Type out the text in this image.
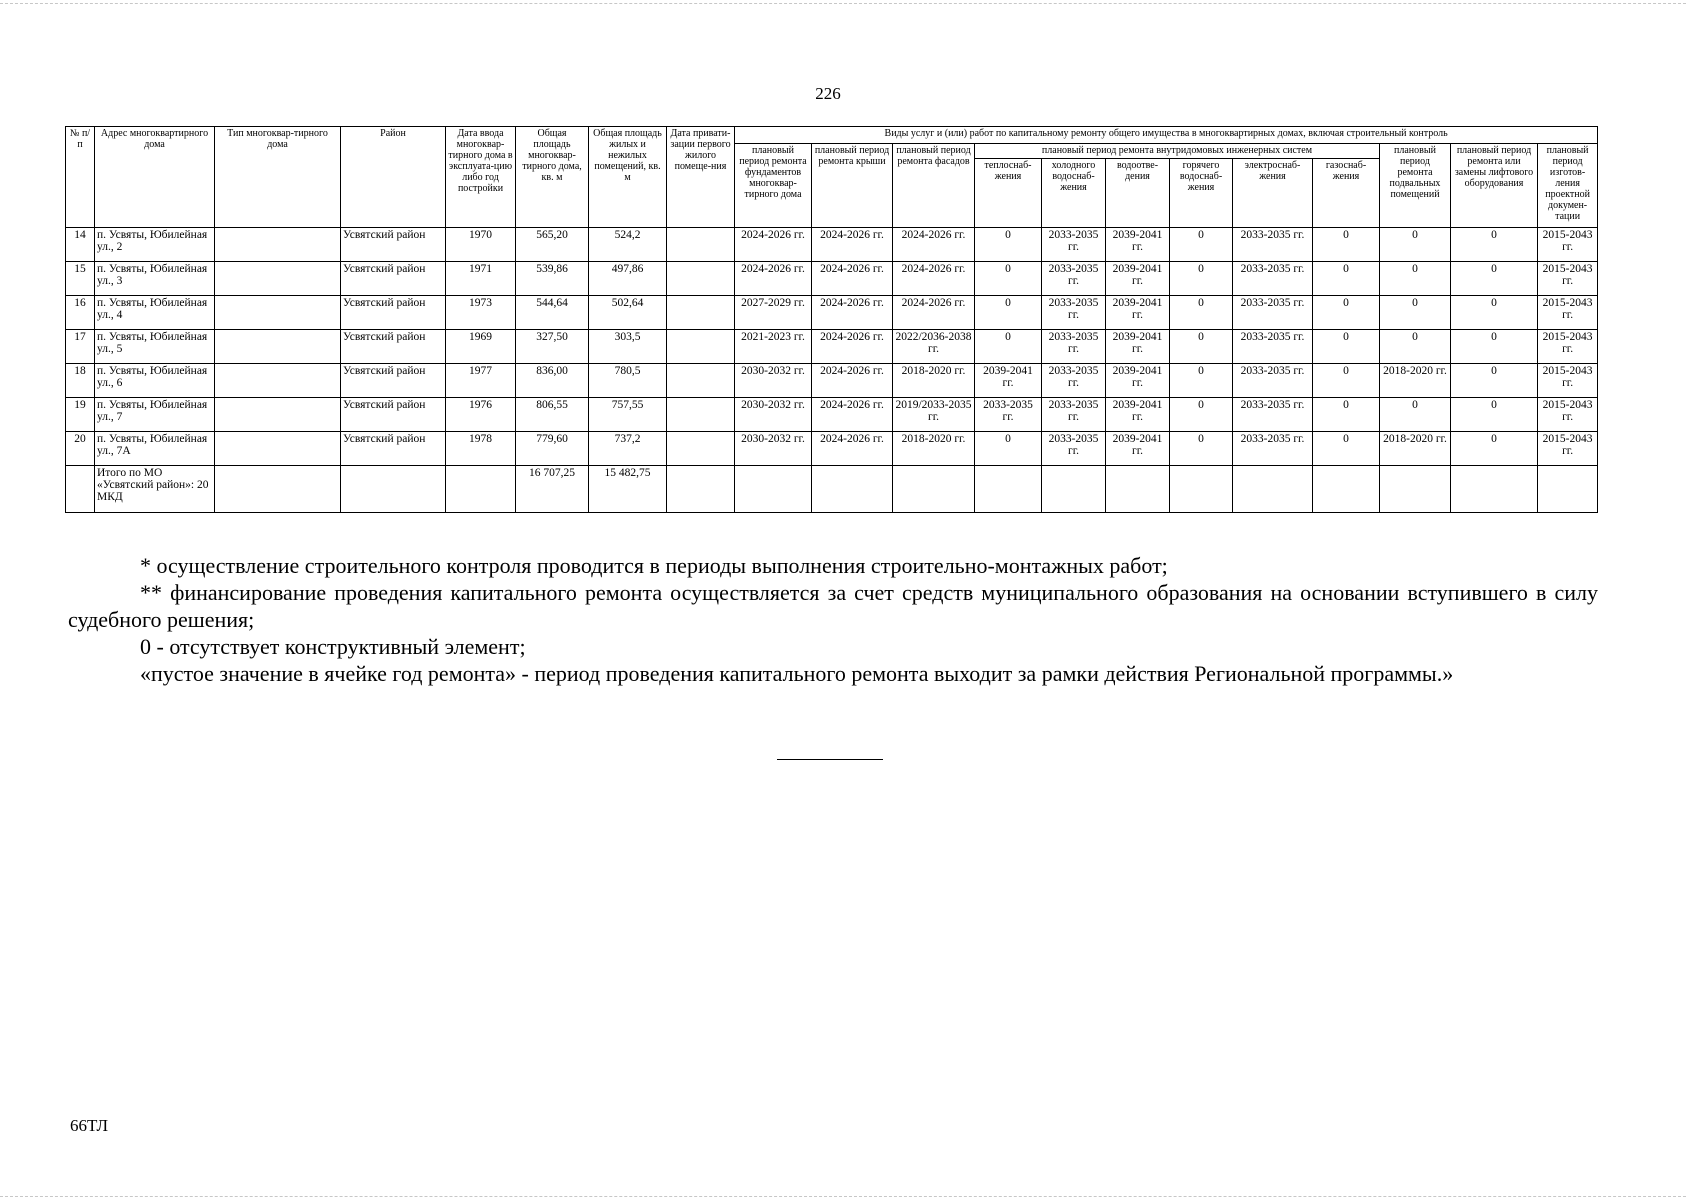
226
№ п/п	Адрес многоквартирного дома	Тип многоквар-тирного дома	Район	Дата ввода многоквар-тирного дома в эксплуата-цию либо год постройки	Общая площадь многоквар-тирного дома, кв. м	Общая площадь жилых и нежилых помещений, кв. м	Дата привати-зации первого жилого помеще-ния	Виды услуг и (или) работ по капитальному ремонту общего имущества в многоквартирных домах, включая строительный контроль											
								плановый период ремонта фундаментов многоквар-тирного дома	плановый период ремонта крыши	плановый период ремонта фасадов	плановый период ремонта внутридомовых инженерных систем						плановый период ремонта подвальных помещений	плановый период ремонта или замены лифтового оборудования	плановый период изготов-ления проектной докумен-тации
											теплоснаб-жения	холодного водоснаб-жения	водоотве-дения	горячего водоснаб-жения	электроснаб-жения	газоснаб-жения			
14	п. Усвяты, Юбилейная ул., 2		Усвятский район	1970	565,20	524,2		2024-2026 гг.	2024-2026 гг.	2024-2026 гг.	0	2033-2035 гг.	2039-2041 гг.	0	2033-2035 гг.	0	0	0	2015-2043 гг.
15	п. Усвяты, Юбилейная ул., 3		Усвятский район	1971	539,86	497,86		2024-2026 гг.	2024-2026 гг.	2024-2026 гг.	0	2033-2035 гг.	2039-2041 гг.	0	2033-2035 гг.	0	0	0	2015-2043 гг.
16	п. Усвяты, Юбилейная ул., 4		Усвятский район	1973	544,64	502,64		2027-2029 гг.	2024-2026 гг.	2024-2026 гг.	0	2033-2035 гг.	2039-2041 гг.	0	2033-2035 гг.	0	0	0	2015-2043 гг.
17	п. Усвяты, Юбилейная ул., 5		Усвятский район	1969	327,50	303,5		2021-2023 гг.	2024-2026 гг.	2022/2036-2038 гг.	0	2033-2035 гг.	2039-2041 гг.	0	2033-2035 гг.	0	0	0	2015-2043 гг.
18	п. Усвяты, Юбилейная ул., 6		Усвятский район	1977	836,00	780,5		2030-2032 гг.	2024-2026 гг.	2018-2020 гг.	2039-2041 гг.	2033-2035 гг.	2039-2041 гг.	0	2033-2035 гг.	0	2018-2020 гг.	0	2015-2043 гг.
19	п. Усвяты, Юбилейная ул., 7		Усвятский район	1976	806,55	757,55		2030-2032 гг.	2024-2026 гг.	2019/2033-2035 гг.	2033-2035 гг.	2033-2035 гг.	2039-2041 гг.	0	2033-2035 гг.	0	0	0	2015-2043 гг.
20	п. Усвяты, Юбилейная ул., 7А		Усвятский район	1978	779,60	737,2		2030-2032 гг.	2024-2026 гг.	2018-2020 гг.	0	2033-2035 гг.	2039-2041 гг.	0	2033-2035 гг.	0	2018-2020 гг.	0	2015-2043 гг.
	Итого по МО «Усвятский район»: 20 МКД				16 707,25	15 482,75													

* осуществление строительного контроля проводится в периоды выполнения строительно-монтажных работ;

** финансирование проведения капитального ремонта осуществляется за счет средств муниципального образования на основании вступившего в силу судебного решения;

0 - отсутствует конструктивный элемент;

«пустое значение в ячейке год ремонта» - период проведения капитального ремонта выходит за рамки действия Региональной программы.»

66ТЛ
